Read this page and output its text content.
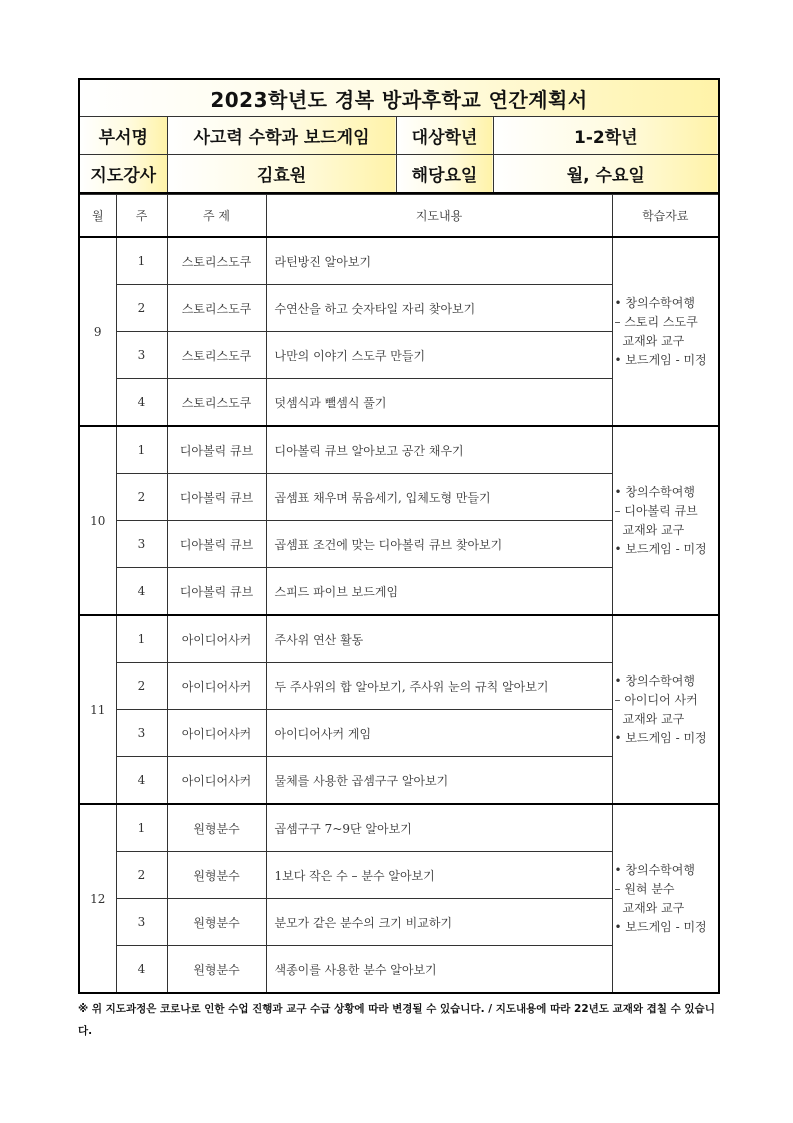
2023학년도 경복 방과후학교 연간계획서			
부서명	사고력 수학과 보드게임	대상학년	1-2학년
지도강사	김효원	해당요일	월, 수요일
월	주	주 제	지도내용	학습자료
9	1	스토리스도쿠	라틴방진 알아보기	• 창의수학여행
– 스토리 스도쿠
교재와 교구
• 보드게임 - 미정

	2	스토리스도쿠	수연산을 하고 숫자타일 자리 찾아보기	
	3	스토리스도쿠	나만의 이야기 스도쿠 만들기	
	4	스토리스도쿠	덧셈식과 뺄셈식 풀기	
10	1	디아볼릭 큐브	디아볼릭 큐브 알아보고 공간 채우기	• 창의수학여행
– 디아볼릭 큐브
교재와 교구
• 보드게임 - 미정

	2	디아볼릭 큐브	곱셈표 채우며 묶음세기, 입체도형 만들기	
	3	디아볼릭 큐브	곱셈표 조건에 맞는 디아볼릭 큐브 찾아보기	
	4	디아볼릭 큐브	스피드 파이브 보드게임	
11	1	아이디어사커	주사위 연산 활동	• 창의수학여행
– 아이디어 사커
교재와 교구
• 보드게임 - 미정

	2	아이디어사커	두 주사위의 합 알아보기, 주사위 눈의 규칙 알아보기	
	3	아이디어사커	아이디어사커 게임	
	4	아이디어사커	물체를 사용한 곱셈구구 알아보기	
12	1	원형분수	곱셈구구 7~9단 알아보기	• 창의수학여행
– 원혀 분수
교재와 교구
• 보드게임 - 미정

	2	원형분수	1보다 작은 수 – 분수 알아보기	
	3	원형분수	분모가 같은 분수의 크기 비교하기	
	4	원형분수	색종이를 사용한 분수 알아보기	
※ 위 지도과정은 코로나로 인한 수업 진행과 교구 수급 상황에 따라 변경될 수 있습니다. / 지도내용에 따라 22년도 교재와 겹칠 수 있습니다.
